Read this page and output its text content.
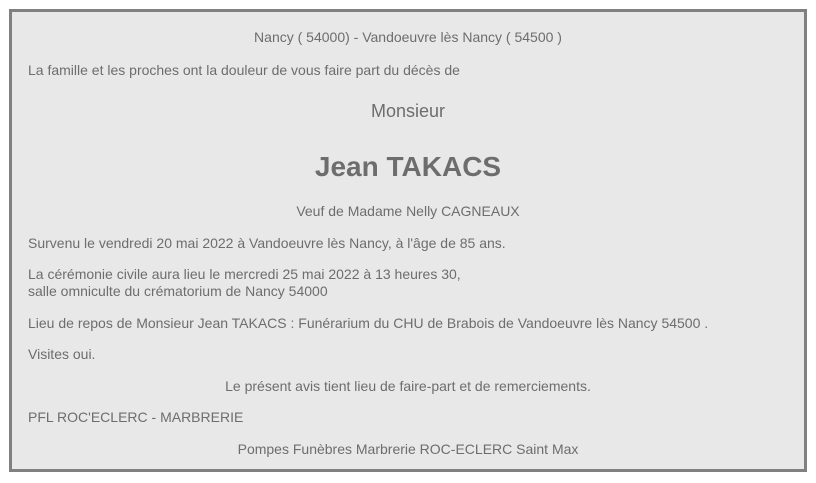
Nancy ( 54000) - Vandoeuvre lès Nancy ( 54500 )
La famille et les proches ont la douleur de vous faire part du décès de
Monsieur
Jean TAKACS
Veuf de Madame Nelly CAGNEAUX
Survenu le vendredi 20 mai 2022 à Vandoeuvre lès Nancy, à l'âge de 85 ans.
La cérémonie civile aura lieu le mercredi 25 mai 2022 à 13 heures 30,
salle omniculte du crématorium de Nancy 54000
Lieu de repos de Monsieur Jean TAKACS : Funérarium du CHU de Brabois de Vandoeuvre lès Nancy 54500 .
Visites oui.
Le présent avis tient lieu de faire-part et de remerciements.
PFL ROC'ECLERC - MARBRERIE
Pompes Funèbres Marbrerie ROC-ECLERC Saint Max
